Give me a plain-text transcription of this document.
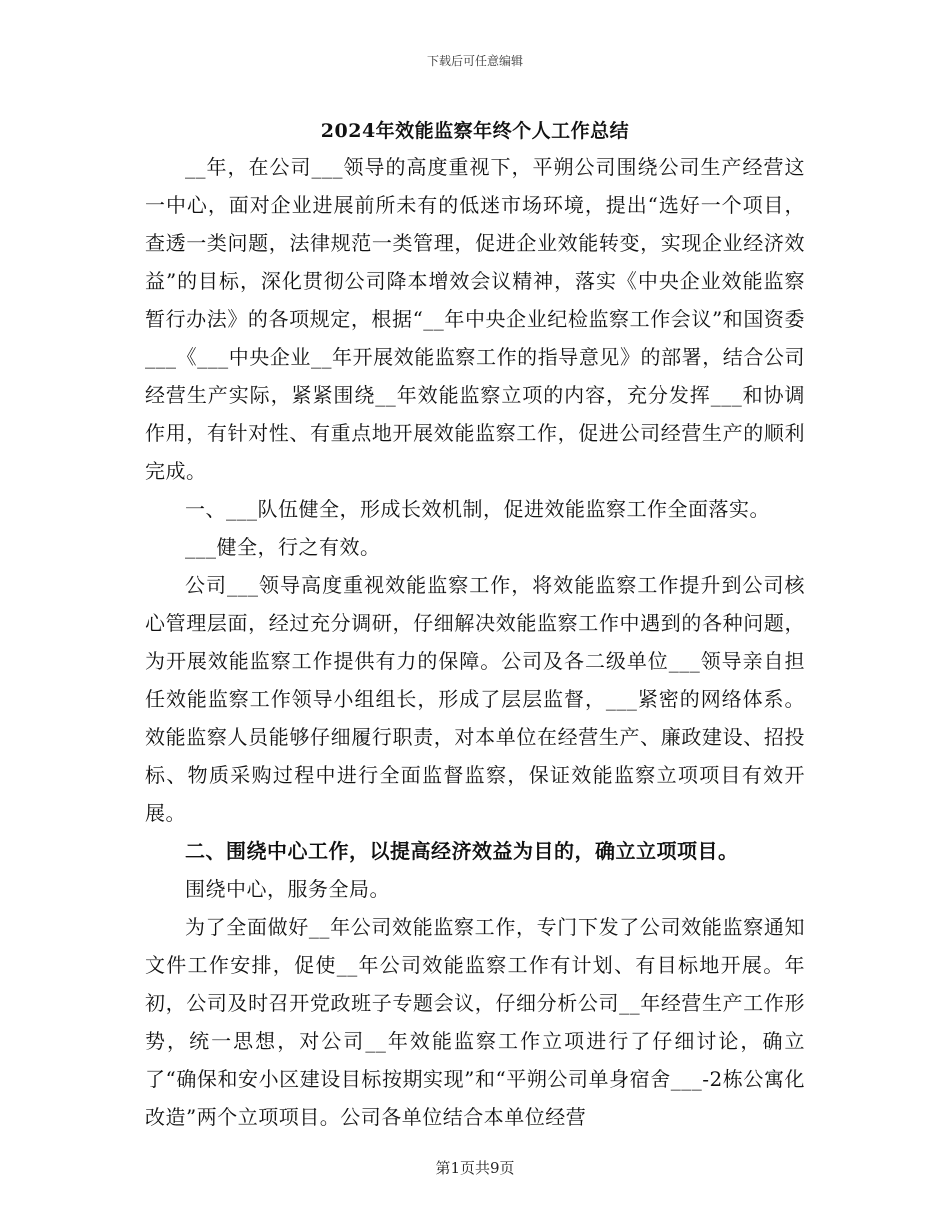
下载后可任意编辑
2024年效能监察年终个人工作总结

__年，在公司___领导的高度重视下，平朔公司围绕公司生产经营这一中心，面对企业进展前所未有的低迷市场环境，提出“选好一个项目，查透一类问题，法律规范一类管理，促进企业效能转变，实现企业经济效益”的目标，深化贯彻公司降本增效会议精神，落实《中央企业效能监察暂行办法》的各项规定，根据“__年中央企业纪检监察工作会议”和国资委___《___中央企业__年开展效能监察工作的指导意见》的部署，结合公司经营生产实际，紧紧围绕__年效能监察立项的内容，充分发挥___和协调作用，有针对性、有重点地开展效能监察工作，促进公司经营生产的顺利完成。

一、___队伍健全，形成长效机制，促进效能监察工作全面落实。

___健全，行之有效。

公司___领导高度重视效能监察工作，将效能监察工作提升到公司核心管理层面，经过充分调研，仔细解决效能监察工作中遇到的各种问题，为开展效能监察工作提供有力的保障。公司及各二级单位___领导亲自担任效能监察工作领导小组组长，形成了层层监督，___紧密的网络体系。效能监察人员能够仔细履行职责，对本单位在经营生产、廉政建设、招投标、物质采购过程中进行全面监督监察，保证效能监察立项项目有效开展。

二、围绕中心工作，以提高经济效益为目的，确立立项项目。

围绕中心，服务全局。

为了全面做好__年公司效能监察工作，专门下发了公司效能监察通知文件工作安排，促使__年公司效能监察工作有计划、有目标地开展。年初，公司及时召开党政班子专题会议，仔细分析公司__年经营生产工作形势，统一思想，对公司__年效能监察工作立项进行了仔细讨论，确立了“确保和安小区建设目标按期实现”和“平朔公司单身宿舍___-2栋公寓化改造”两个立项项目。公司各单位结合本单位经营

第1页共9页
